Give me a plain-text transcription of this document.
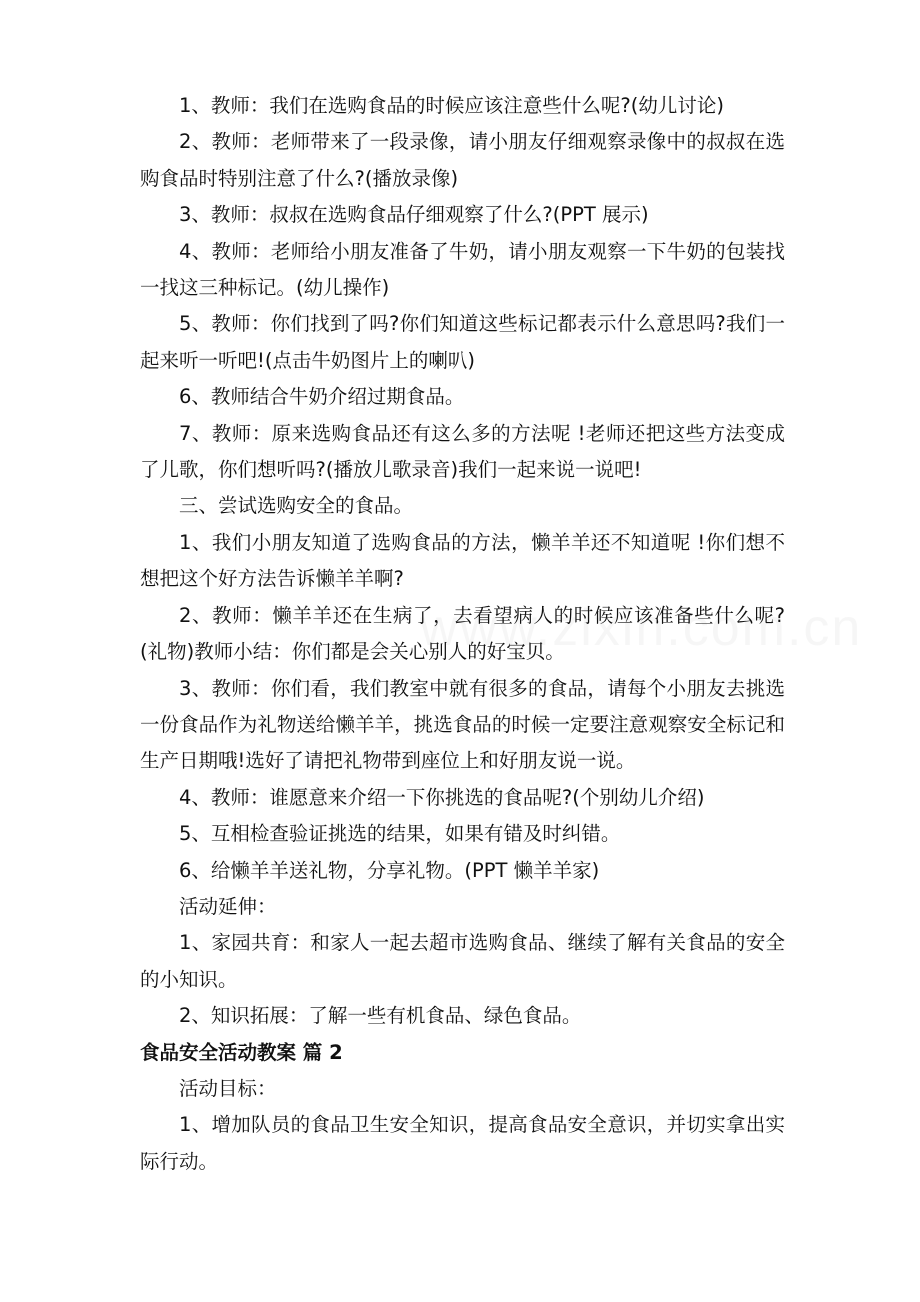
1、教师：我们在选购食品的时候应该注意些什么呢?(幼儿讨论)

2、教师：老师带来了一段录像，请小朋友仔细观察录像中的叔叔在选购食品时特别注意了什么?(播放录像)

3、教师：叔叔在选购食品仔细观察了什么?(PPT 展示)

4、教师：老师给小朋友准备了牛奶，请小朋友观察一下牛奶的包装找一找这三种标记。(幼儿操作)

5、教师：你们找到了吗?你们知道这些标记都表示什么意思吗?我们一起来听一听吧!(点击牛奶图片上的喇叭)

6、教师结合牛奶介绍过期食品。

7、教师：原来选购食品还有这么多的方法呢 !老师还把这些方法变成了儿歌，你们想听吗?(播放儿歌录音)我们一起来说一说吧!

三、尝试选购安全的食品。

1、我们小朋友知道了选购食品的方法，懒羊羊还不知道呢 !你们想不想把这个好方法告诉懒羊羊啊?

2、教师：懒羊羊还在生病了，去看望病人的时候应该准备些什么呢?(礼物)教师小结：你们都是会关心别人的好宝贝。

3、教师：你们看，我们教室中就有很多的食品，请每个小朋友去挑选一份食品作为礼物送给懒羊羊，挑选食品的时候一定要注意观察安全标记和生产日期哦!选好了请把礼物带到座位上和好朋友说一说。

4、教师：谁愿意来介绍一下你挑选的食品呢?(个别幼儿介绍)

5、互相检查验证挑选的结果，如果有错及时纠错。

6、给懒羊羊送礼物，分享礼物。(PPT 懒羊羊家)

活动延伸：

1、家园共育：和家人一起去超市选购食品、继续了解有关食品的安全的小知识。

2、知识拓展：了解一些有机食品、绿色食品。

食品安全活动教案 篇 2

活动目标：

1、增加队员的食品卫生安全知识，提高食品安全意识，并切实拿出实际行动。
